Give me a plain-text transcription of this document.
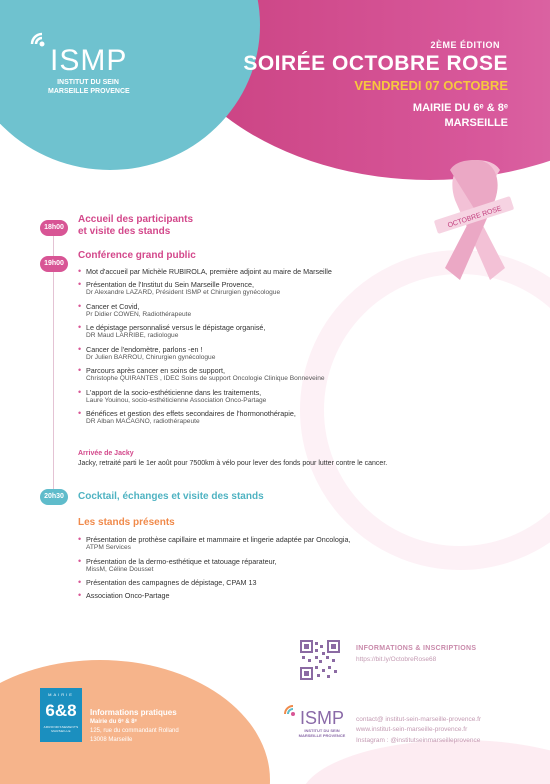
ISMP
INSTITUT DU SEIN
MARSEILLE PROVENCE
2ÈME ÉDITION
SOIRÉE OCTOBRE ROSE
VENDREDI 07 OCTOBRE
MAIRIE DU 6ᵉ & 8ᵉ
MARSEILLE
OCTOBRE ROSE
18h00
Accueil des participants
et visite des stands
19h00
Conférence grand public
• Mot d'accueil par Michèle RUBIROLA, première adjoint au maire de Marseille
• Présentation de l'Institut du Sein Marseille Provence,
Dr Alexandre LAZARD, Président ISMP et Chirurgien gynécologue
• Cancer et Covid,
Pr Didier COWEN, Radiothérapeute
• Le dépistage personnalisé versus le dépistage organisé,
DR Maud LARRIBE, radiologue
• Cancer de l'endomètre, parlons -en !
Dr Julien BARROU, Chirurgien gynécologue
• Parcours après cancer en soins de support,
Christophe QUIRANTES , IDEC Soins de support Oncologie Clinique Bonneveine
• L'apport de la socio-esthéticienne dans les traitements,
Laure Youinou, socio-esthéticienne Association Onco-Partage
• Bénéfices et gestion des effets secondaires de l'hormonothérapie,
DR Alban MACAGNO, radiothérapeute
Arrivée de Jacky
Jacky, retraité parti le 1er août pour 7500km à vélo pour lever des fonds pour lutter contre le cancer.
20h30	Cocktail, échanges et visite des stands
Les stands présents
• Présentation de prothèse capillaire et mammaire et lingerie adaptée par Oncologia,
ATPM Services
• Présentation de la dermo-esthétique et tatouage réparateur,
MissM, Céline Dousset
• Présentation des campagnes de dépistage, CPAM 13
• Association Onco-Partage
INFORMATIONS & INSCRIPTIONS
https://bit.ly/OctobreRose68
MAIRIE
6&8
ARRONDISSEMENTS MARSEILLE
Informations pratiques
Mairie du 6ᵉ & 8ᵉ
125, rue du commandant Rolland
13008 Marseille
ISMP
INSTITUT DU SEIN
MARSEILLE PROVENCE
contact@ institut-sein-marseille-provence.fr
www.institut-sein-marseille-provence.fr
Instagram : @institutseinmarseilleprovence
